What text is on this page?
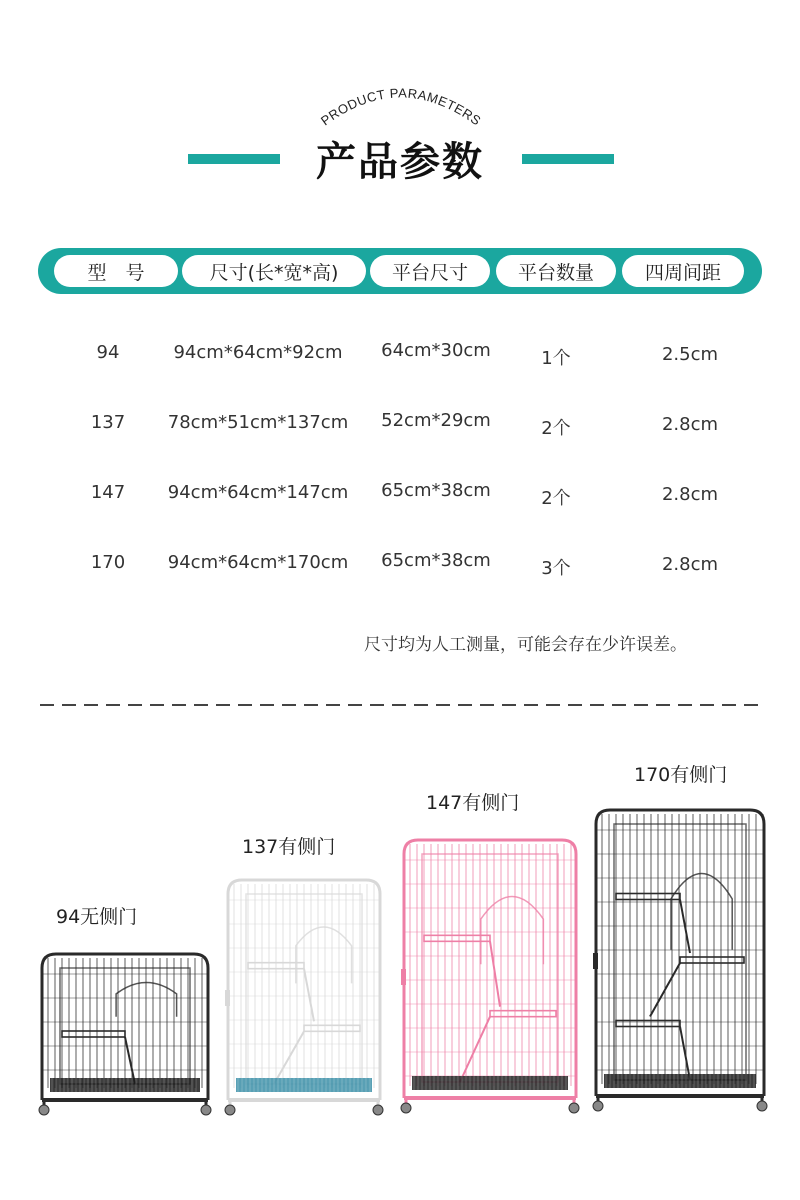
PRODUCT PARAMETERS
产品参数
型　号	尺寸(长*宽*高)	平台尺寸	平台数量	四周间距
94	94cm*64cm*92cm	64cm*30cm	1个	2.5cm
137	78cm*51cm*137cm	52cm*29cm	2个	2.8cm
147	94cm*64cm*147cm	65cm*38cm	2个	2.8cm
170	94cm*64cm*170cm	65cm*38cm	3个	2.8cm
尺寸均为人工测量，可能会存在少许误差。
94无侧门
137有侧门
147有侧门
170有侧门
